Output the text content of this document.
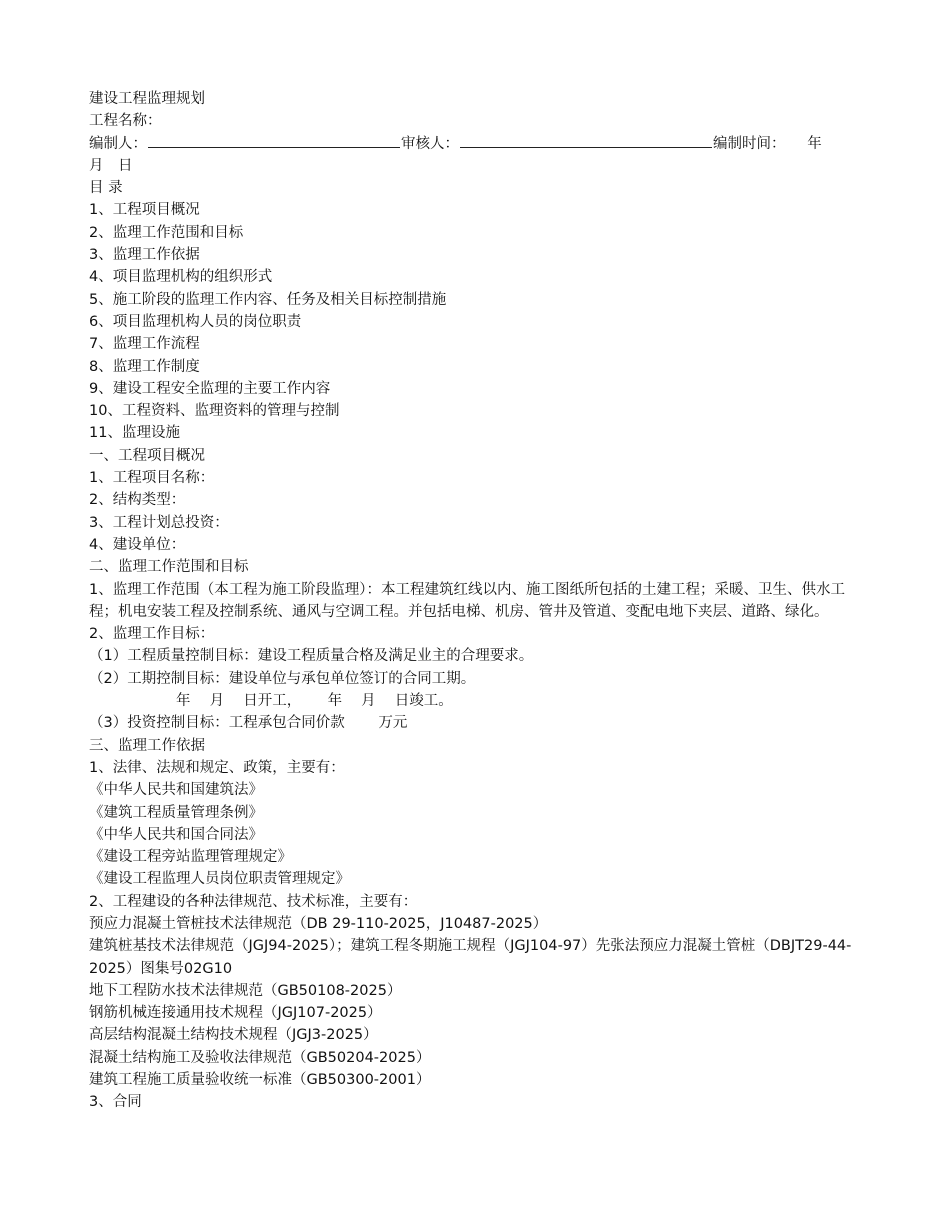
建设工程监理规划
工程名称：
编制人：	审核人：	编制时间：　　年
月　日
目 录
1、工程项目概况
2、监理工作范围和目标
3、监理工作依据
4、项目监理机构的组织形式
5、施工阶段的监理工作内容、任务及相关目标控制措施
6、项目监理机构人员的岗位职责
7、监理工作流程
8、监理工作制度
9、建设工程安全监理的主要工作内容
10、工程资料、监理资料的管理与控制
11、监理设施
一、工程项目概况
1、工程项目名称：
2、结构类型：
3、工程计划总投资：
4、建设单位：
二、监理工作范围和目标
1、监理工作范围（本工程为施工阶段监理）：本工程建筑红线以内、施工图纸所包括的土建工程；采暖、卫生、供水工程；机电安装工程及控制系统、通风与空调工程。并包括电梯、机房、管井及管道、变配电地下夹层、道路、绿化。
2、监理工作目标：
（1）工程质量控制目标：建设工程质量合格及满足业主的合理要求。
（2）工期控制目标：建设单位与承包单位签订的合同工期。
　　　　　　年　 月　 日开工，　　 年　 月　 日竣工。
（3）投资控制目标：工程承包合同价款　　 万元
三、监理工作依据
1、法律、法规和规定、政策，主要有：
《中华人民共和国建筑法》
《建筑工程质量管理条例》
《中华人民共和国合同法》
《建设工程旁站监理管理规定》
《建设工程监理人员岗位职责管理规定》
2、工程建设的各种法律规范、技术标准，主要有：
预应力混凝土管桩技术法律规范（DB 29-110-2025，J10487-2025）
建筑桩基技术法律规范（JGJ94-2025）；建筑工程冬期施工规程（JGJ104-97）先张法预应力混凝土管桩（DBJT29-44-2025）图集号02G10
地下工程防水技术法律规范（GB50108-2025）
钢筋机械连接通用技术规程（JGJ107-2025）
高层结构混凝土结构技术规程（JGJ3-2025）
混凝土结构施工及验收法律规范（GB50204-2025）
建筑工程施工质量验收统一标准（GB50300-2001）
3、合同
